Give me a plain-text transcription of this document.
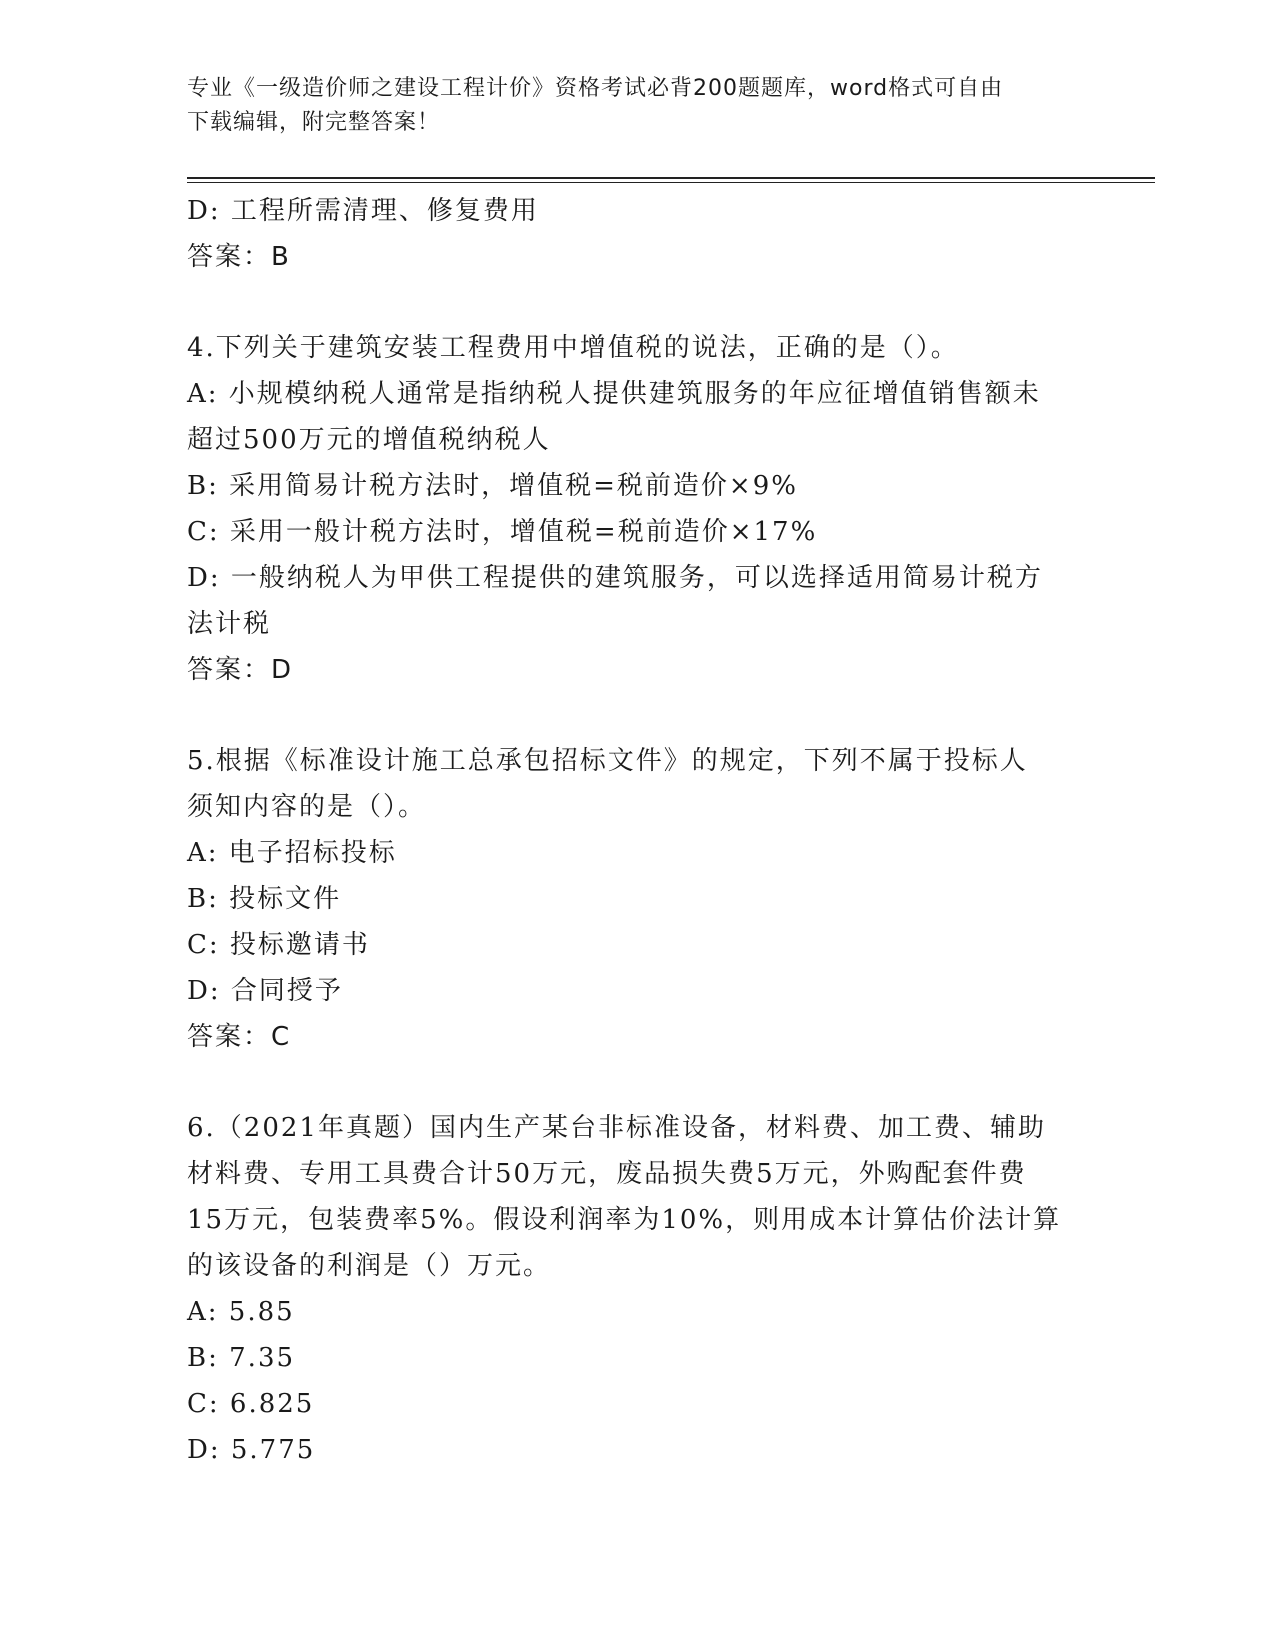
专业《一级造价师之建设工程计价》资格考试必背200题题库，word格式可自由
下载编辑，附完整答案！
D: 工程所需清理、修复费用
答案：B
4.下列关于建筑安装工程费用中增值税的说法，正确的是（）。
A: 小规模纳税人通常是指纳税人提供建筑服务的年应征增值销售额未
超过500万元的增值税纳税人
B: 采用简易计税方法时，增值税=税前造价×9%
C: 采用一般计税方法时，增值税=税前造价×17%
D: 一般纳税人为甲供工程提供的建筑服务，可以选择适用简易计税方
法计税
答案：D
5.根据《标准设计施工总承包招标文件》的规定，下列不属于投标人
须知内容的是（）。
A: 电子招标投标
B: 投标文件
C: 投标邀请书
D: 合同授予
答案：C
6.（2021年真题）国内生产某台非标准设备，材料费、加工费、辅助
材料费、专用工具费合计50万元，废品损失费5万元，外购配套件费
15万元，包装费率5%。假设利润率为10%，则用成本计算估价法计算
的该设备的利润是（）万元。
A: 5.85
B: 7.35
C: 6.825
D: 5.775
